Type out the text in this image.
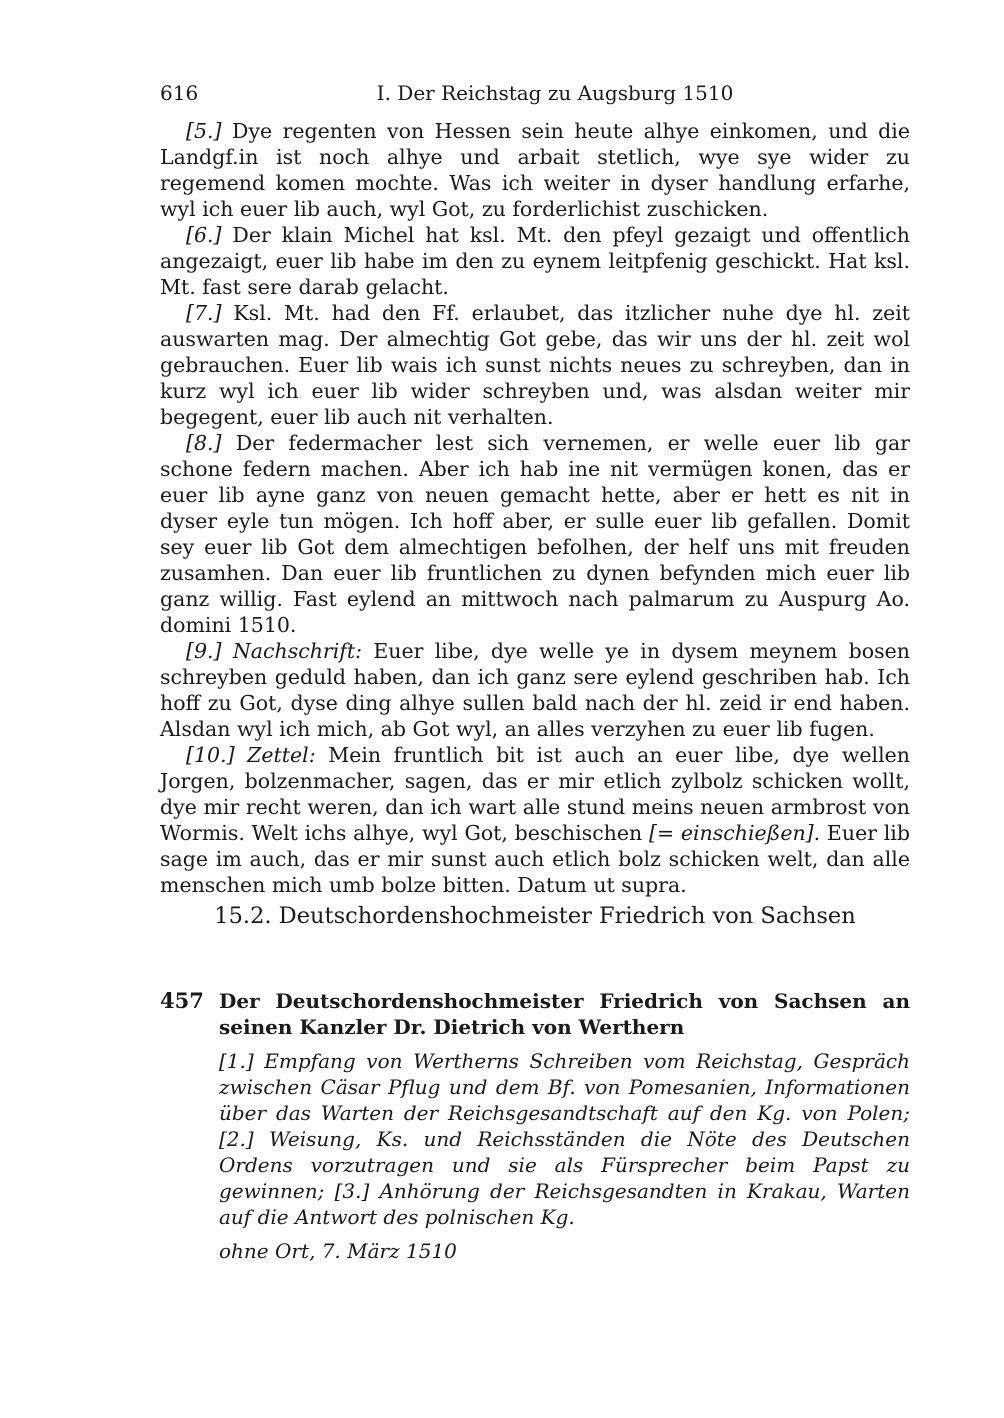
616	I. Der Reichstag zu Augsburg 1510

[5.] Dye regenten von Hessen sein heute alhye einkomen, und die Landgf.in ist noch alhye und arbait stetlich, wye sye wider zu regemend komen mochte. Was ich weiter in dyser handlung erfarhe, wyl ich euer lib auch, wyl Got, zu forderlichist zuschicken.

[6.] Der klain Michel hat ksl. Mt. den pfeyl gezaigt und offentlich angezaigt, euer lib habe im den zu eynem leitpfenig geschickt. Hat ksl. Mt. fast sere darab gelacht.

[7.] Ksl. Mt. had den Ff. erlaubet, das itzlicher nuhe dye hl. zeit auswarten mag. Der almechtig Got gebe, das wir uns der hl. zeit wol gebrauchen. Euer lib wais ich sunst nichts neues zu schreyben, dan in kurz wyl ich euer lib wider schreyben und, was alsdan weiter mir begegent, euer lib auch nit verhalten.

[8.] Der federmacher lest sich vernemen, er welle euer lib gar schone federn machen. Aber ich hab ine nit vermügen konen, das er euer lib ayne ganz von neuen gemacht hette, aber er hett es nit in dyser eyle tun mögen. Ich hoff aber, er sulle euer lib gefallen. Domit sey euer lib Got dem almechtigen befolhen, der helf uns mit freuden zusamhen. Dan euer lib fruntlichen zu dynen befynden mich euer lib ganz willig. Fast eylend an mittwoch nach palmarum zu Auspurg Ao. domini 1510.

[9.] Nachschrift: Euer libe, dye welle ye in dysem meynem bosen schreyben geduld haben, dan ich ganz sere eylend geschriben hab. Ich hoff zu Got, dyse ding alhye sullen bald nach der hl. zeid ir end haben. Alsdan wyl ich mich, ab Got wyl, an alles verzyhen zu euer lib fugen.

[10.] Zettel: Mein fruntlich bit ist auch an euer libe, dye wellen Jorgen, bolzenmacher, sagen, das er mir etlich zylbolz schicken wollt, dye mir recht weren, dan ich wart alle stund meins neuen armbrost von Wormis. Welt ichs alhye, wyl Got, beschischen [= einschießen]. Euer lib sage im auch, das er mir sunst auch etlich bolz schicken welt, dan alle menschen mich umb bolze bitten. Datum ut supra.

15.2. Deutschordenshochmeister Friedrich von Sachsen
457 Der Deutschordenshochmeister Friedrich von Sachsen an seinen Kanzler Dr. Dietrich von Werthern
[1.] Empfang von Wertherns Schreiben vom Reichstag, Gespräch zwischen Cäsar Pflug und dem Bf. von Pomesanien, Informationen über das Warten der Reichsgesandtschaft auf den Kg. von Polen; [2.] Weisung, Ks. und Reichsständen die Nöte des Deutschen Ordens vorzutragen und sie als Fürsprecher beim Papst zu gewinnen; [3.] Anhörung der Reichsgesandten in Krakau, Warten auf die Antwort des polnischen Kg.
ohne Ort, 7. März 1510
